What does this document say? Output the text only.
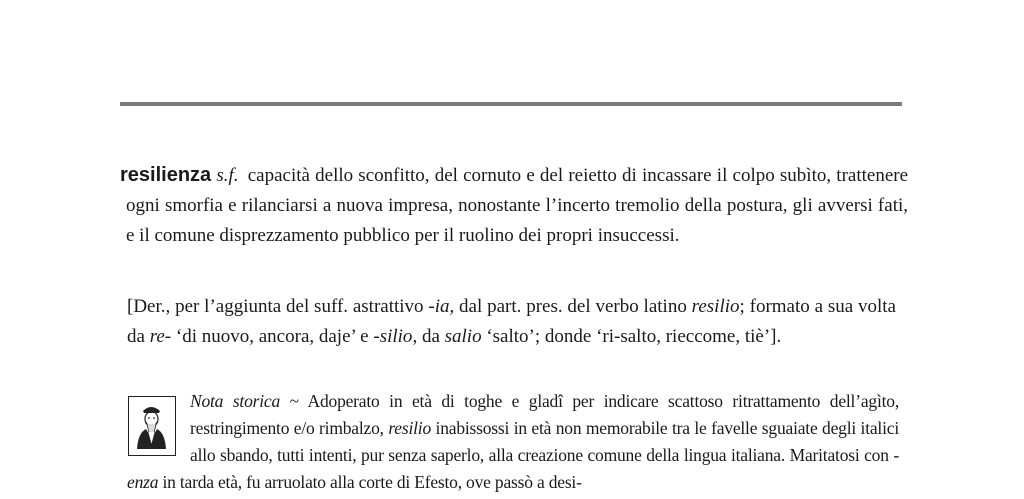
resilienza s.f. capacità dello sconfitto, del cornuto e del reietto di incassare il colpo subìto, trattenere ogni smorfia e rilanciarsi a nuova impresa, nonostante l’incerto tremolio della postura, gli avversi fati, e il comune disprezzamento pubblico per il ruolino dei propri insuccessi.
[Der., per l’aggiunta del suff. astrattivo -ia, dal part. pres. del verbo latino resilio; formato a sua volta da re- ‘di nuovo, ancora, daje’ e -silio, da salio ‘salto’; donde ‘ri-salto, rieccome, tiè’].
Nota storica ~ Adoperato in età di toghe e gladî per indicare scattoso ritrattamento dell’agìto, restringimento e/o rimbalzo, resilio inabissossi in età non memorabile tra le favelle sguaiate degli italici allo sbando, tutti intenti, pur senza saperlo, alla creazione comune della lingua italiana. Maritatosi con -enza in tarda età, fu arruolato alla corte di Efesto, ove passò a desi-
